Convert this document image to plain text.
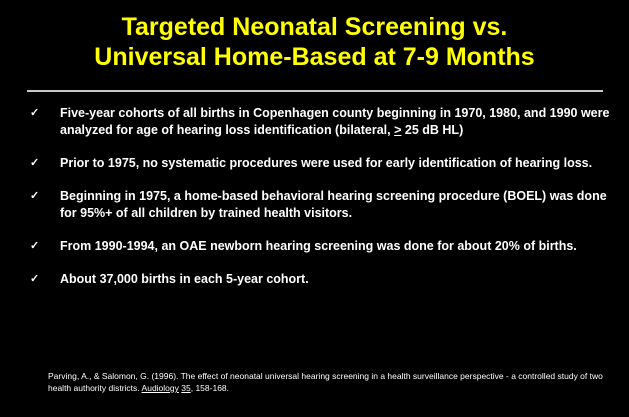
Targeted Neonatal Screening vs.
Universal Home-Based at 7-9 Months
✓ Five-year cohorts of all births in Copenhagen county beginning in 1970, 1980, and 1990 were analyzed for age of hearing loss identification (bilateral, > 25 dB HL)
✓ Prior to 1975, no systematic procedures were used for early identification of hearing loss.
✓ Beginning in 1975, a home-based behavioral hearing screening procedure (BOEL) was done for 95%+ of all children by trained health visitors.
✓ From 1990-1994, an OAE newborn hearing screening was done for about 20% of births.
✓ About 37,000 births in each 5-year cohort.
Parving, A., & Salomon, G. (1996). The effect of neonatal universal hearing screening in a health surveillance perspective - a controlled study of two health authority districts. Audiology 35, 158-168.
